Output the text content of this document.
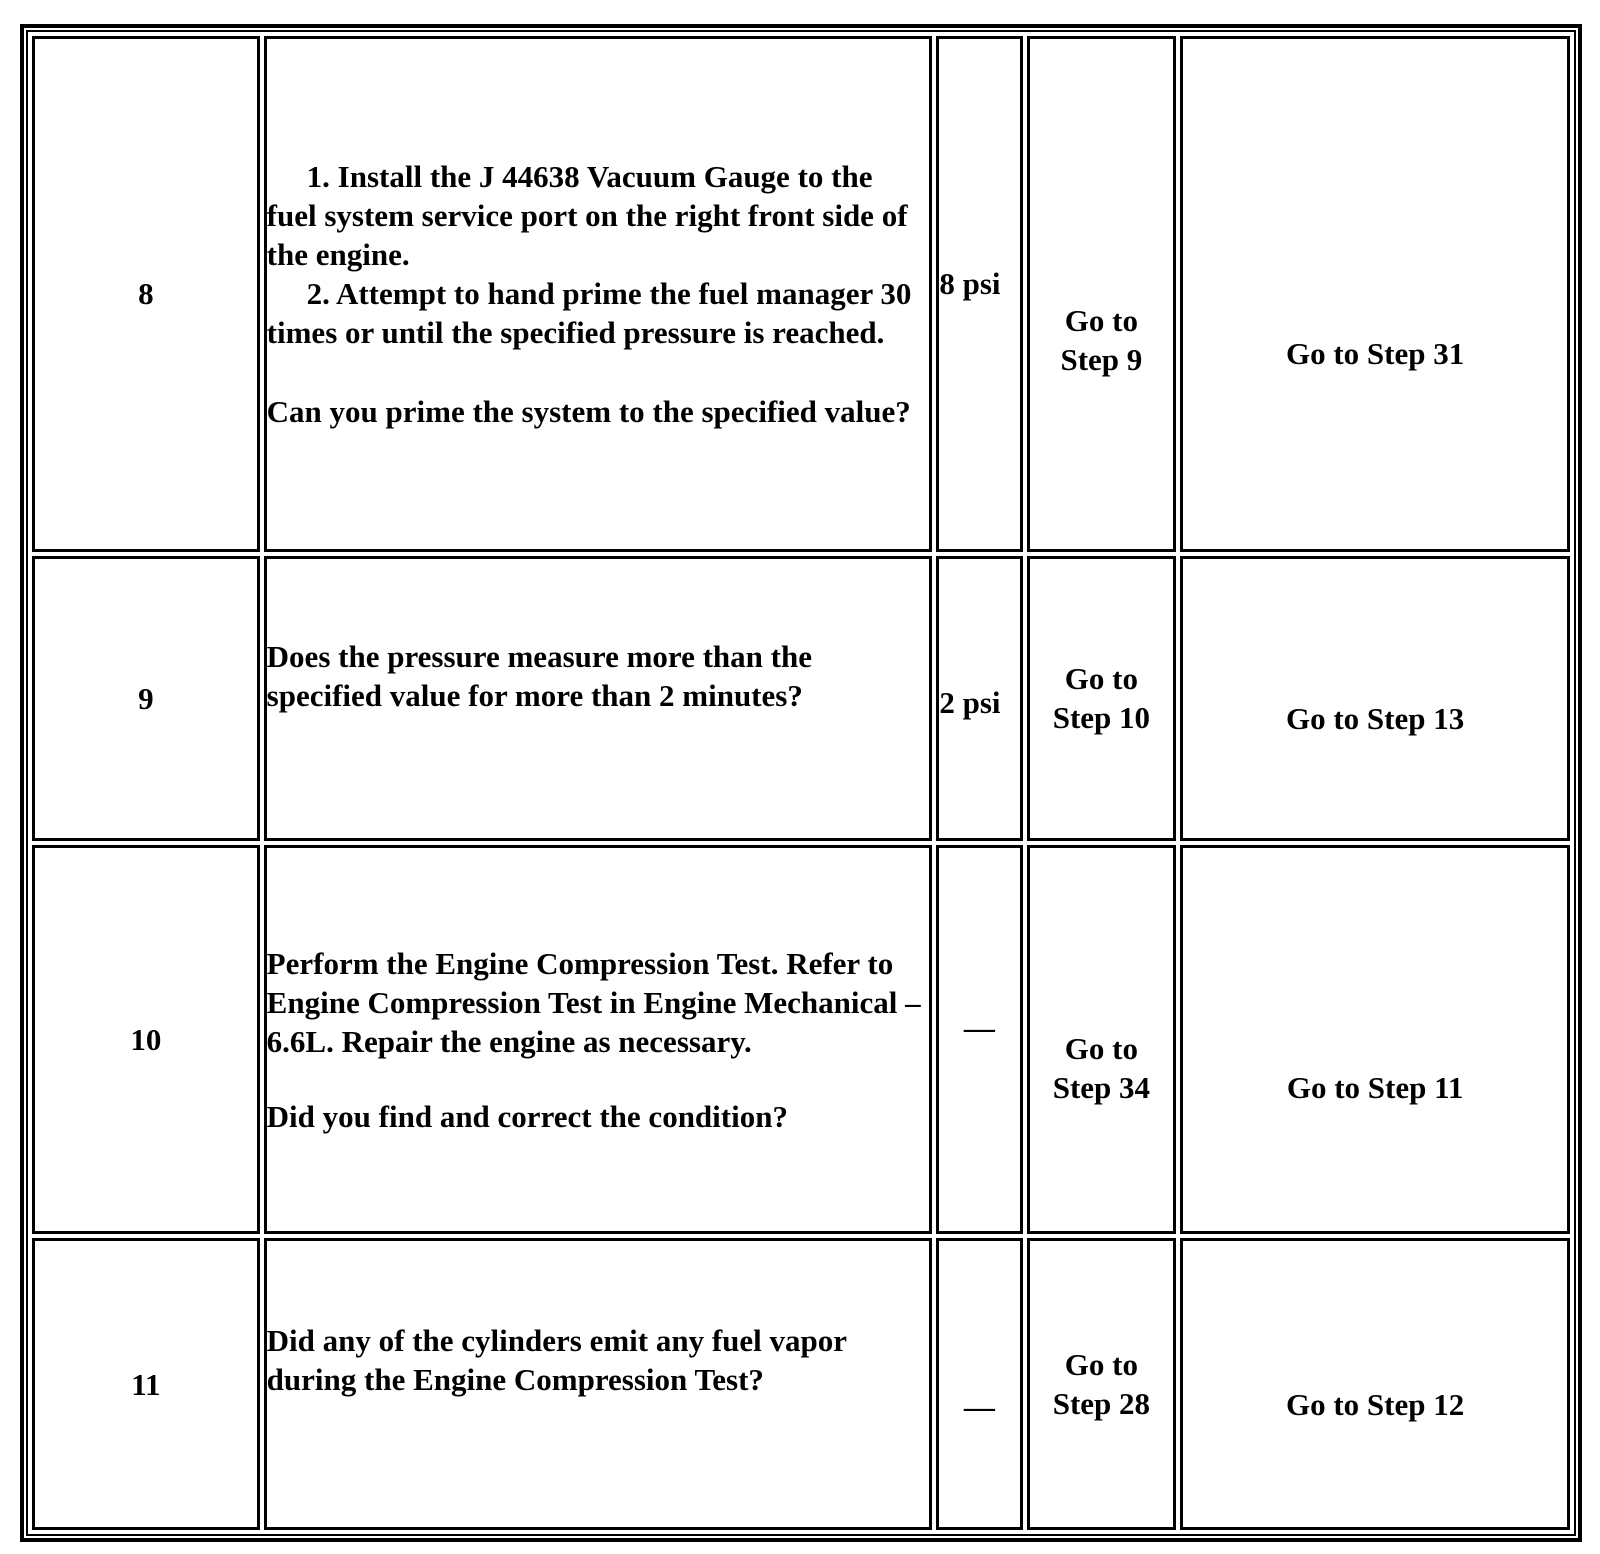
8	1. Install the J 44638 Vacuum Gauge to the fuel system service port on the right front side of the engine.
2. Attempt to hand prime the fuel manager 30 times or until the specified pressure is reached.
Can you prime the system to the specified value?	8 psi	Go to
Step 9	Go to Step 31
9	Does the pressure measure more than the specified value for more than 2 minutes?	2 psi	Go to
Step 10	Go to Step 13
10	Perform the Engine Compression Test. Refer to Engine Compression Test in Engine Mechanical – 6.6L. Repair the engine as necessary.
Did you find and correct the condition?	—	Go to
Step 34	Go to Step 11
11	Did any of the cylinders emit any fuel vapor during the Engine Compression Test?	—	Go to
Step 28	Go to Step 12
